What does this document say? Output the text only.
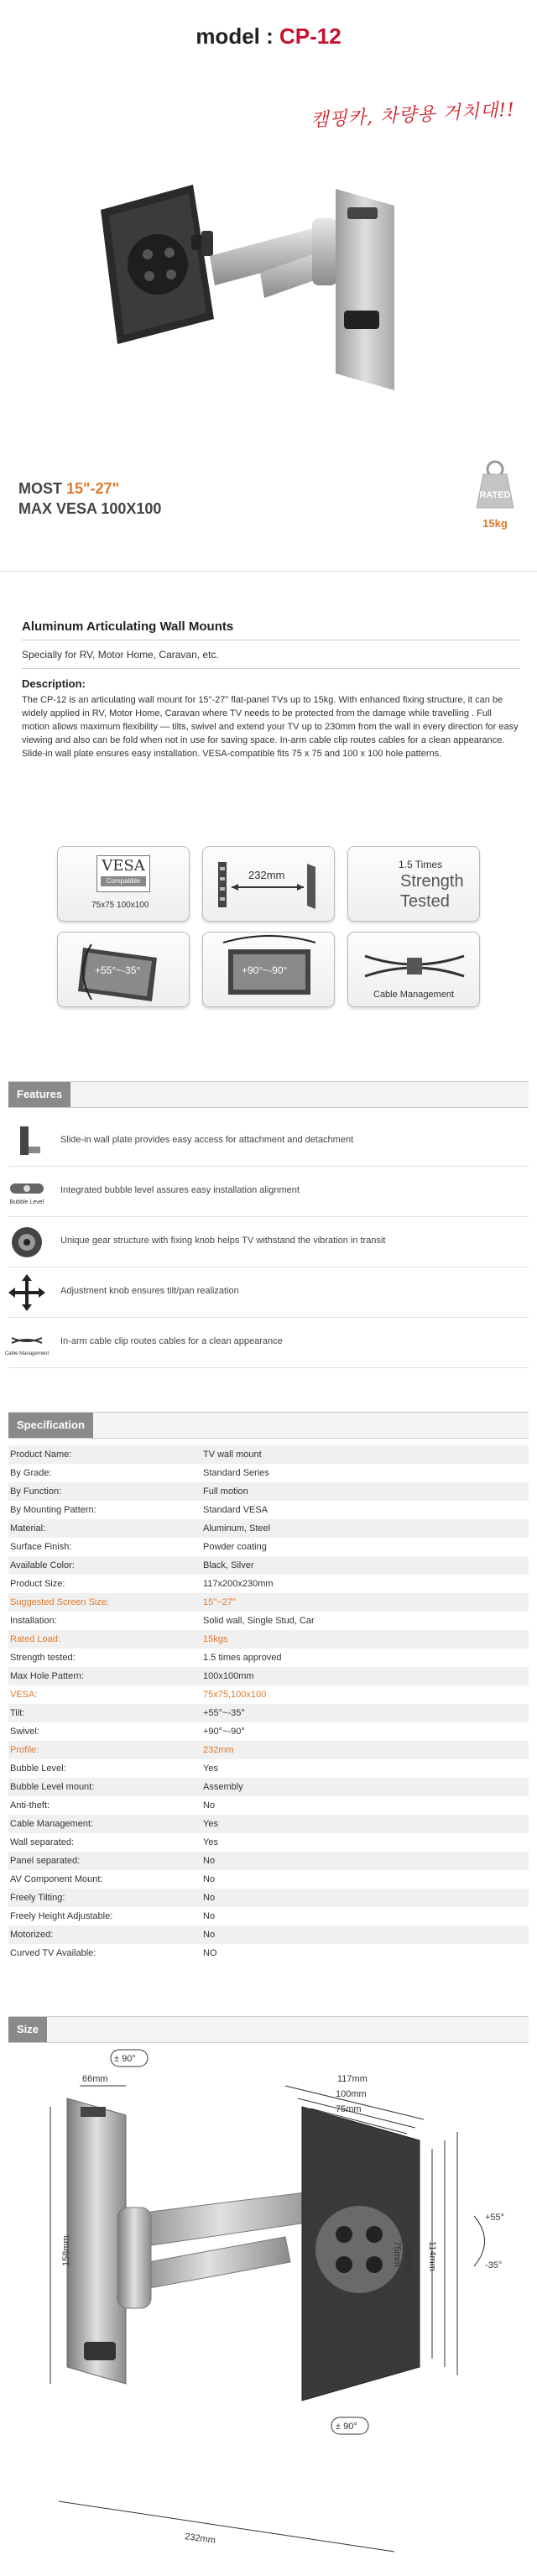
model : CP-12
캠핑카, 차량용 거치대!!
MOST 15"-27"
MAX VESA 100X100
RATED
15kg
Aluminum Articulating Wall Mounts
Specially for RV, Motor Home, Caravan, etc.
Description:

The CP-12 is an articulating wall mount for 15"-27" flat-panel TVs up to 15kg. With enhanced fixing structure, it can be widely applied in RV, Motor Home, Caravan where TV needs to be protected from the damage while travelling . Full motion allows maximum flexibility — tilts, swivel and extend your TV up to 230mm from the wall in every direction for easy viewing and also can be fold when not in use for saving space. In-arm cable clip routes cables for a clean appearance. Slide-in wall plate ensures easy installation. VESA-compatible fits 75 x 75 and 100 x 100 hole patterns.

VESA
Compatible
75x75 100x100
232mm
1.5 Times
Strength
Tested
+55°~-35°	+90°~-90°
Cable Management
Features
Slide-in wall plate provides easy access for attachment and detachment
Bubble Level
Integrated bubble level assures easy installation alignment
Unique gear structure with fixing knob helps TV withstand the vibration in transit
Adjustment knob ensures tilt/pan realization
Cable Management
In-arm cable clip routes cables for a clean appearance
Specification
Product Name:	TV wall mount
By Grade:	Standard Series
By Function:	Full motion
By Mounting Pattern:	Standard VESA
Material:	Aluminum, Steel
Surface Finish:	Powder coating
Available Color:	Black, Silver
Product Size:	117x200x230mm
Suggested Screen Size:	15"~27"
Installation:	Solid wall, Single Stud, Car
Rated Load:	15kgs
Strength tested:	1.5 times approved
Max Hole Pattern:	100x100mm
VESA:	75x75,100x100
Tilt:	+55°~-35°
Swivel:	+90°~-90°
Profile:	232mm
Bubble Level:	Yes
Bubble Level mount:	Assembly
Anti-theft:	No
Cable Management:	Yes
Wall separated:	Yes
Panel separated:	No
AV Component Mount:	No
Freely Tilting:	No
Freely Height Adjustable:	No
Motorized:	No
Curved TV Available:	NO
Size
± 90°
66mm	117mm
100mm
75mm
75mm 100mm 114mm
+55°
-35°
158mm
± 90°
232mm
